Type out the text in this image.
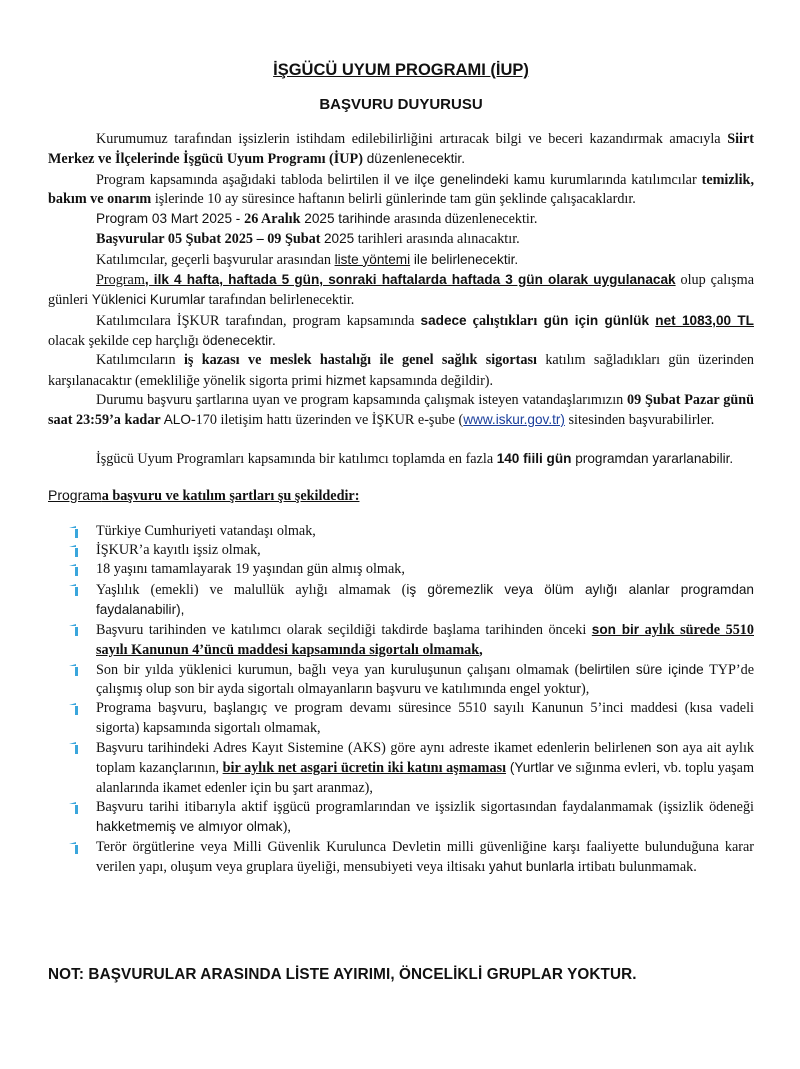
İŞGÜCÜ UYUM PROGRAMI (İUP)
BAŞVURU DUYURUSU

Kurumumuz tarafından işsizlerin istihdam edilebilirliğini artıracak bilgi ve beceri kazandırmak amacıyla Siirt Merkez ve İlçelerinde İşgücü Uyum Programı (İUP) düzenlenecektir.

Program kapsamında aşağıdaki tabloda belirtilen il ve ilçe genelindeki kamu kurumlarında katılımcılar temizlik, bakım ve onarım işlerinde 10 ay süresince haftanın belirli günlerinde tam gün şeklinde çalışacaklardır.

Program 03 Mart 2025 - 26 Aralık 2025 tarihinde arasında düzenlenecektir.

Başvurular 05 Şubat 2025 – 09 Şubat 2025 tarihleri arasında alınacaktır.

Katılımcılar, geçerli başvurular arasından liste yöntemi ile belirlenecektir.

Program, ilk 4 hafta, haftada 5 gün, sonraki haftalarda haftada 3 gün olarak uygulanacak olup çalışma günleri Yüklenici Kurumlar tarafından belirlenecektir.

Katılımcılara İŞKUR tarafından, program kapsamında sadece çalıştıkları gün için günlük net 1083,00 TL olacak şekilde cep harçlığı ödenecektir.

Katılımcıların iş kazası ve meslek hastalığı ile genel sağlık sigortası katılım sağladıkları gün üzerinden karşılanacaktır (emekliliğe yönelik sigorta primi hizmet kapsamında değildir).

Durumu başvuru şartlarına uyan ve program kapsamında çalışmak isteyen vatandaşlarımızın 09 Şubat Pazar günü saat 23:59’a kadar ALO-170 iletişim hattı üzerinden ve İŞKUR e-şube (www.iskur.gov.tr) sitesinden başvurabilirler.

İşgücü Uyum Programları kapsamında bir katılımcı toplamda en fazla 140 fiili gün programdan yararlanabilir.

Programa başvuru ve katılım şartları şu şekildedir:
Türkiye Cumhuriyeti vatandaşı olmak,
İŞKUR’a kayıtlı işsiz olmak,
18 yaşını tamamlayarak 19 yaşından gün almış olmak,
Yaşlılık (emekli) ve malullük aylığı almamak (iş göremezlik veya ölüm aylığı alanlar programdan faydalanabilir),
Başvuru tarihinden ve katılımcı olarak seçildiği takdirde başlama tarihinden önceki son bir aylık sürede 5510 sayılı Kanunun 4’üncü maddesi kapsamında sigortalı olmamak,
Son bir yılda yüklenici kurumun, bağlı veya yan kuruluşunun çalışanı olmamak (belirtilen süre içinde TYP’de çalışmış olup son bir ayda sigortalı olmayanların başvuru ve katılımında engel yoktur),
Programa başvuru, başlangıç ve program devamı süresince 5510 sayılı Kanunun 5’inci maddesi (kısa vadeli sigorta) kapsamında sigortalı olmamak,
Başvuru tarihindeki Adres Kayıt Sistemine (AKS) göre aynı adreste ikamet edenlerin belirlenen son aya ait aylık toplam kazançlarının, bir aylık net asgari ücretin iki katını aşmaması (Yurtlar ve sığınma evleri, vb. toplu yaşam alanlarında ikamet edenler için bu şart aranmaz),
Başvuru tarihi itibarıyla aktif işgücü programlarından ve işsizlik sigortasından faydalanmamak (işsizlik ödeneği hakketmemiş ve almıyor olmak),
Terör örgütlerine veya Milli Güvenlik Kurulunca Devletin milli güvenliğine karşı faaliyette bulunduğuna karar verilen yapı, oluşum veya gruplara üyeliği, mensubiyeti veya iltisakı yahut bunlarla irtibatı bulunmamak.
NOT: BAŞVURULAR ARASINDA LİSTE AYIRIMI, ÖNCELİKLİ GRUPLAR YOKTUR.
